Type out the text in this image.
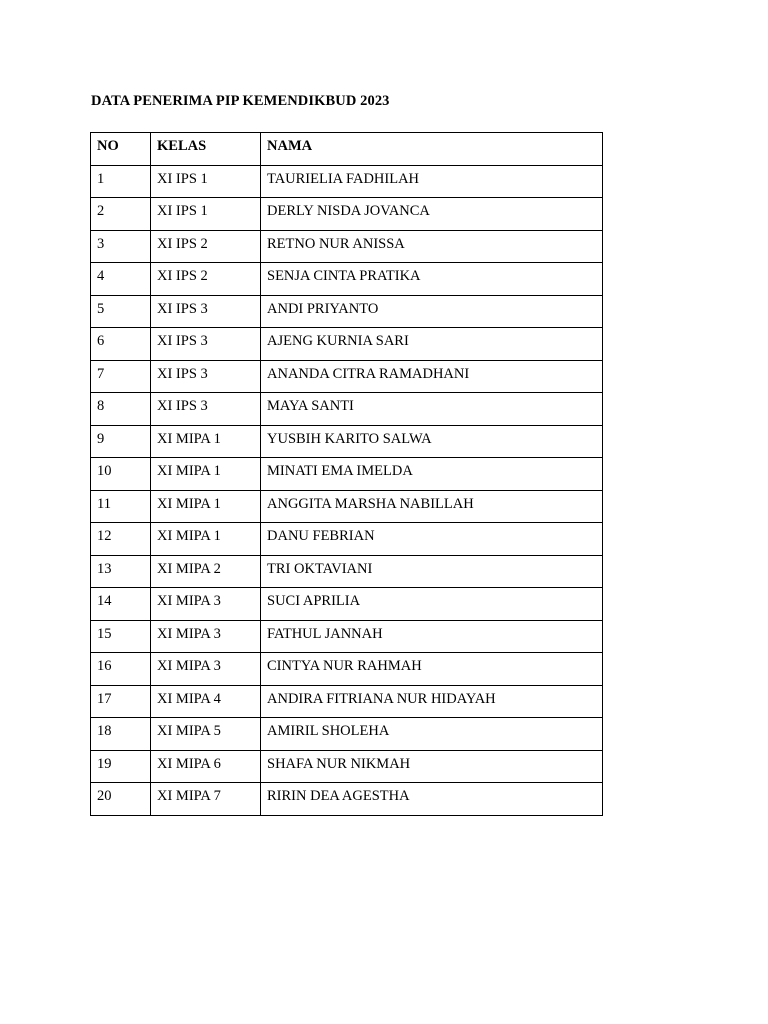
DATA PENERIMA PIP KEMENDIKBUD 2023
NO	KELAS	NAMA
1	XI IPS 1	TAURIELIA FADHILAH
2	XI IPS 1	DERLY NISDA JOVANCA
3	XI IPS 2	RETNO NUR ANISSA
4	XI IPS 2	SENJA CINTA PRATIKA
5	XI IPS 3	ANDI PRIYANTO
6	XI IPS 3	AJENG KURNIA SARI
7	XI IPS 3	ANANDA CITRA RAMADHANI
8	XI IPS 3	MAYA SANTI
9	XI MIPA 1	YUSBIH KARITO SALWA
10	XI MIPA 1	MINATI EMA IMELDA
11	XI MIPA 1	ANGGITA MARSHA NABILLAH
12	XI MIPA 1	DANU FEBRIAN
13	XI MIPA 2	TRI OKTAVIANI
14	XI MIPA 3	SUCI APRILIA
15	XI MIPA 3	FATHUL JANNAH
16	XI MIPA 3	CINTYA NUR RAHMAH
17	XI MIPA 4	ANDIRA FITRIANA NUR HIDAYAH
18	XI MIPA 5	AMIRIL SHOLEHA
19	XI MIPA 6	SHAFA NUR NIKMAH
20	XI MIPA 7	RIRIN DEA AGESTHA
